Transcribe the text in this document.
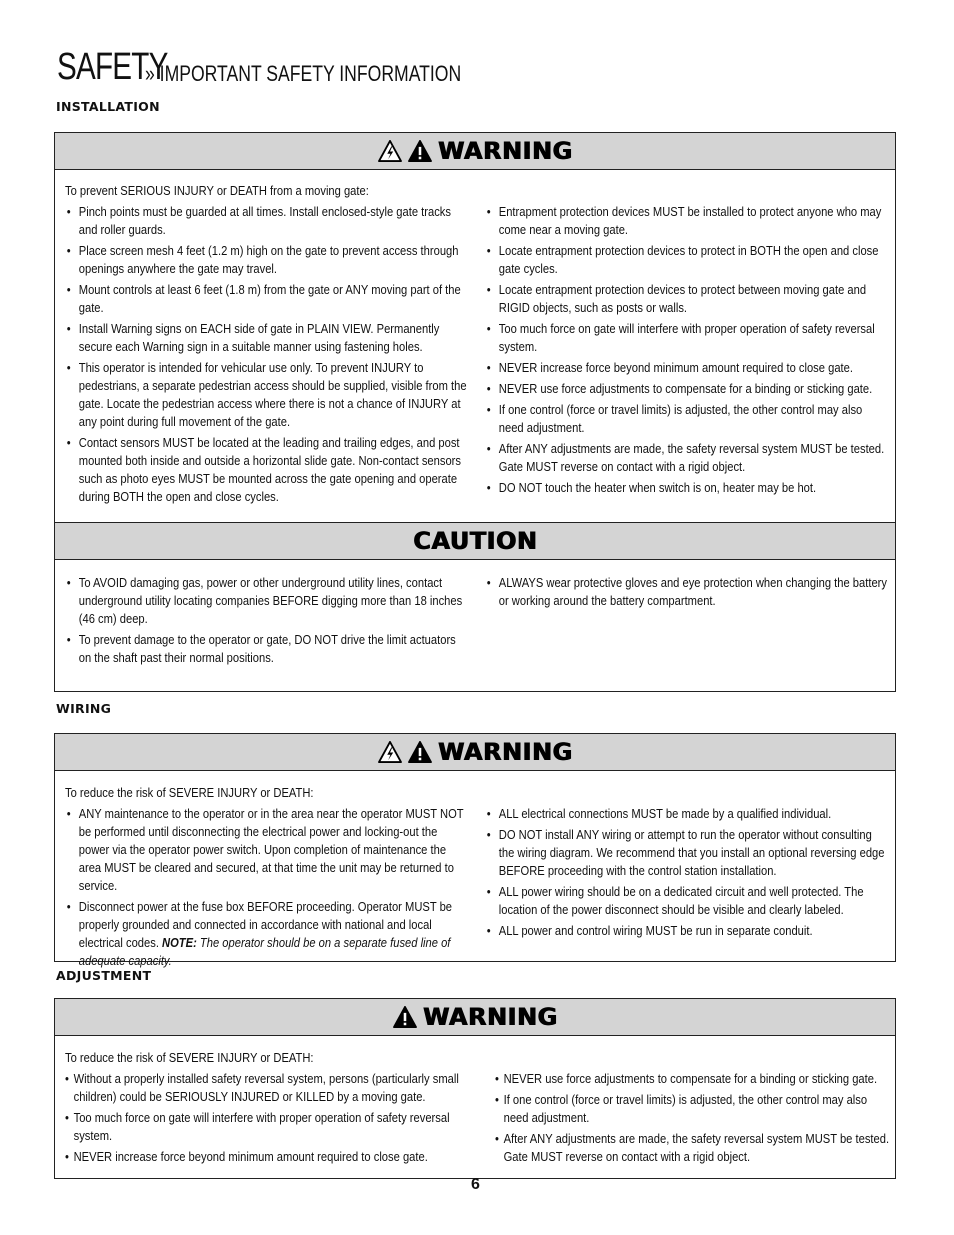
SAFETY
» IMPORTANT SAFETY INFORMATION
INSTALLATION
WARNING

To prevent SERIOUS INJURY or DEATH from a moving gate:

• Pinch points must be guarded at all times. Install enclosed-style gate tracks and roller guards.
• Place screen mesh 4 feet (1.2 m) high on the gate to prevent access through openings anywhere the gate may travel.
• Mount controls at least 6 feet (1.8 m) from the gate or ANY moving part of the gate.
• Install Warning signs on EACH side of gate in PLAIN VIEW. Permanently secure each Warning sign in a suitable manner using fastening holes.
• This operator is intended for vehicular use only. To prevent INJURY to pedestrians, a separate pedestrian access should be supplied, visible from the gate. Locate the pedestrian access where there is not a chance of INJURY at any point during full movement of the gate.
• Contact sensors MUST be located at the leading and trailing edges, and post mounted both inside and outside a horizontal slide gate. Non-contact sensors such as photo eyes MUST be mounted across the gate opening and operate during BOTH the open and close cycles.
• Entrapment protection devices MUST be installed to protect anyone who may come near a moving gate.
• Locate entrapment protection devices to protect in BOTH the open and close gate cycles.
• Locate entrapment protection devices to protect between moving gate and RIGID objects, such as posts or walls.
• Too much force on gate will interfere with proper operation of safety reversal system.
• NEVER increase force beyond minimum amount required to close gate.
• NEVER use force adjustments to compensate for a binding or sticking gate.
• If one control (force or travel limits) is adjusted, the other control may also need adjustment.
• After ANY adjustments are made, the safety reversal system MUST be tested. Gate MUST reverse on contact with a rigid object.
• DO NOT touch the heater when switch is on, heater may be hot.
CAUTION
• To AVOID damaging gas, power or other underground utility lines, contact underground utility locating companies BEFORE digging more than 18 inches (46 cm) deep.
• To prevent damage to the operator or gate, DO NOT drive the limit actuators on the shaft past their normal positions.
• ALWAYS wear protective gloves and eye protection when changing the battery or working around the battery compartment.
WIRING
WARNING

To reduce the risk of SEVERE INJURY or DEATH:

• ANY maintenance to the operator or in the area near the operator MUST NOT be performed until disconnecting the electrical power and locking-out the power via the operator power switch. Upon completion of maintenance the area MUST be cleared and secured, at that time the unit may be returned to service.
• Disconnect power at the fuse box BEFORE proceeding. Operator MUST be properly grounded and connected in accordance with national and local electrical codes. NOTE: The operator should be on a separate fused line of adequate capacity.
• ALL electrical connections MUST be made by a qualified individual.
• DO NOT install ANY wiring or attempt to run the operator without consulting the wiring diagram. We recommend that you install an optional reversing edge BEFORE proceeding with the control station installation.
• ALL power wiring should be on a dedicated circuit and well protected. The location of the power disconnect should be visible and clearly labeled.
• ALL power and control wiring MUST be run in separate conduit.
ADJUSTMENT
WARNING

To reduce the risk of SEVERE INJURY or DEATH:

• Without a properly installed safety reversal system, persons (particularly small children) could be SERIOUSLY INJURED or KILLED by a moving gate.
• Too much force on gate will interfere with proper operation of safety reversal system.
• NEVER increase force beyond minimum amount required to close gate.
• NEVER use force adjustments to compensate for a binding or sticking gate.
• If one control (force or travel limits) is adjusted, the other control may also need adjustment.
• After ANY adjustments are made, the safety reversal system MUST be tested. Gate MUST reverse on contact with a rigid object.
6
